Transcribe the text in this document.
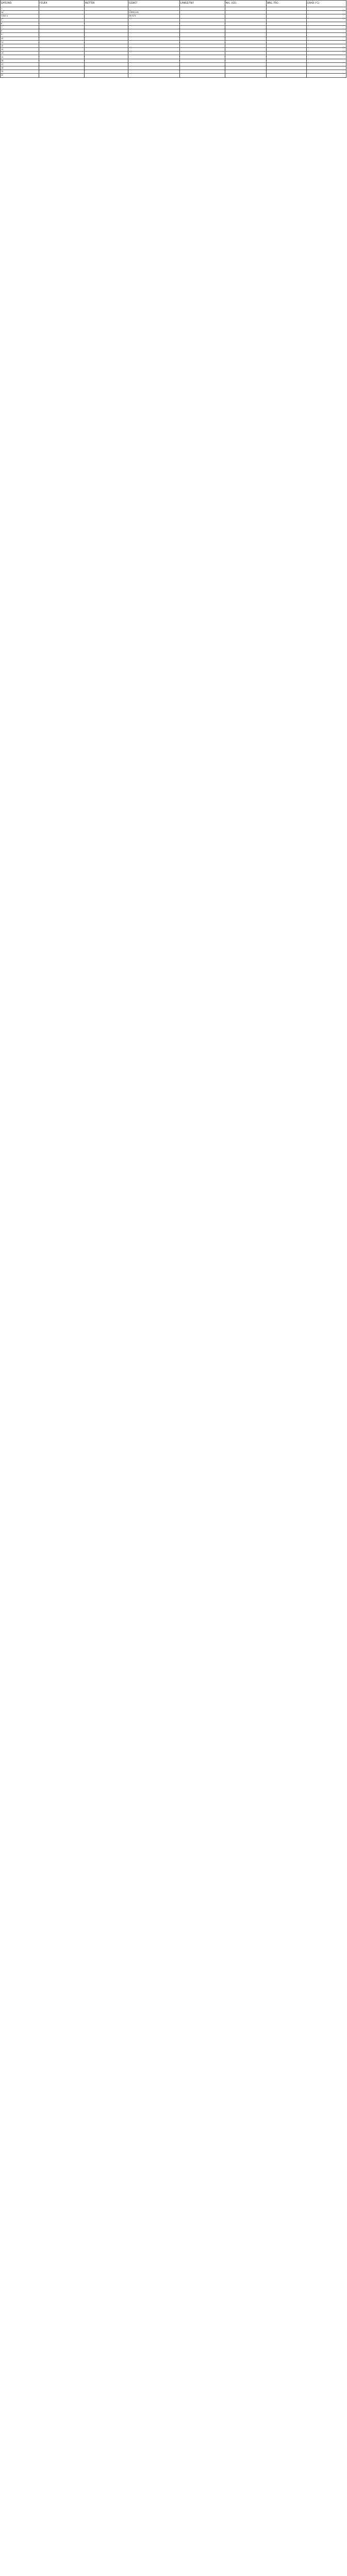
DATE/NO	FEUER	WETTER	GEBIET	LÄNGE/TIEF	NH...(GE)	BRG..FRG	GRAD (°C)
1							
2a			CHEM(100)				
CON1 a			FR EGTC				
5							
6							
7							
8							
9							
10							
11							
12							
13							
14							
15							
16							
17							
18							
19							
20							
